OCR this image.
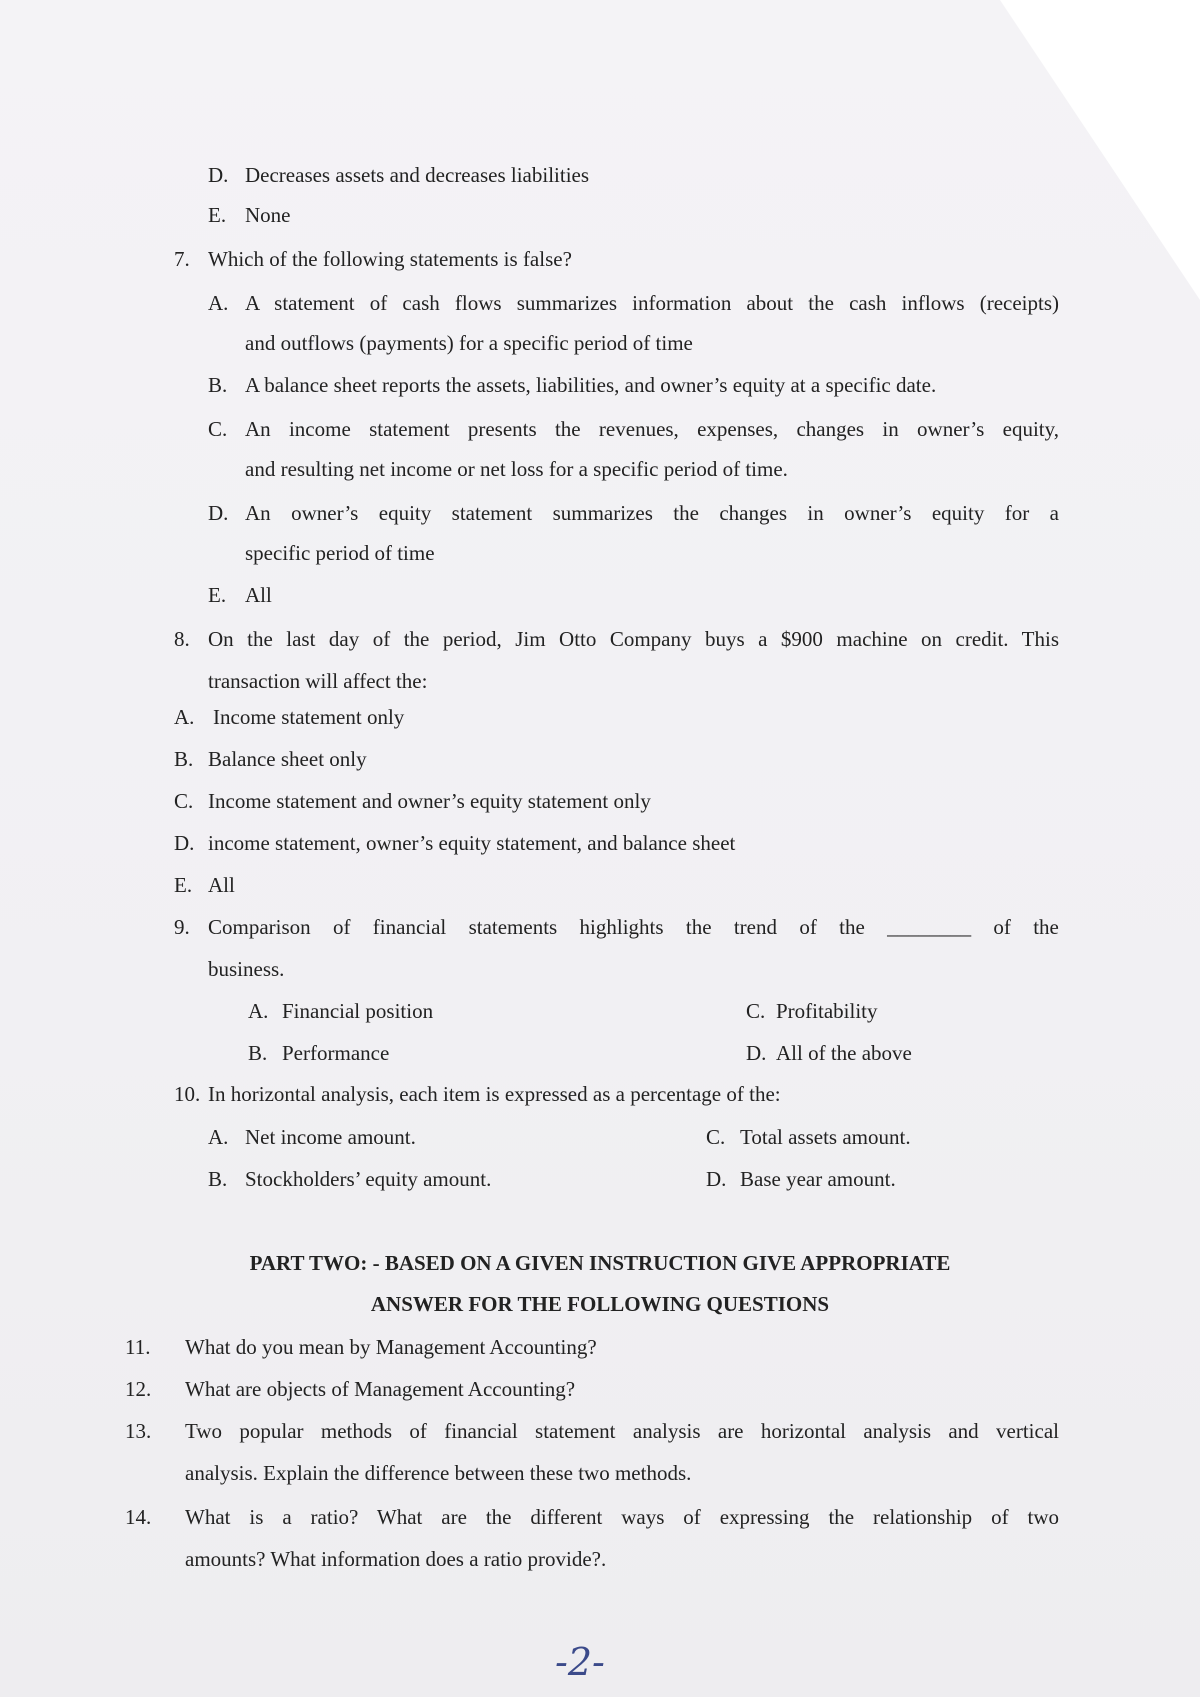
D. Decreases assets and decreases liabilities
E. None
7. Which of the following statements is false?
A. A statement of cash flows summarizes information about the cash inflows (receipts)
and outflows (payments) for a specific period of time
B. A balance sheet reports the assets, liabilities, and owner’s equity at a specific date.
C. An income statement presents the revenues, expenses, changes in owner’s equity,
and resulting net income or net loss for a specific period of time.
D. An owner’s equity statement summarizes the changes in owner’s equity for a
specific period of time
E. All
8. On the last day of the period, Jim Otto Company buys a $900 machine on credit. This
transaction will affect the:
A. Income statement only
B. Balance sheet only
C. Income statement and owner’s equity statement only
D. income statement, owner’s equity statement, and balance sheet
E. All
9. Comparison of financial statements highlights the trend of the ________ of the
business.
A. Financial position	C. Profitability
B. Performance	D. All of the above
10. In horizontal analysis, each item is expressed as a percentage of the:
A. Net income amount.	C. Total assets amount.
B. Stockholders’ equity amount.	D. Base year amount.
PART TWO: - BASED ON A GIVEN INSTRUCTION GIVE APPROPRIATE
ANSWER FOR THE FOLLOWING QUESTIONS
11. What do you mean by Management Accounting?
12. What are objects of Management Accounting?
13. Two popular methods of financial statement analysis are horizontal analysis and vertical
analysis. Explain the difference between these two methods.
14. What is a ratio? What are the different ways of expressing the relationship of two
amounts? What information does a ratio provide?.
-2-
